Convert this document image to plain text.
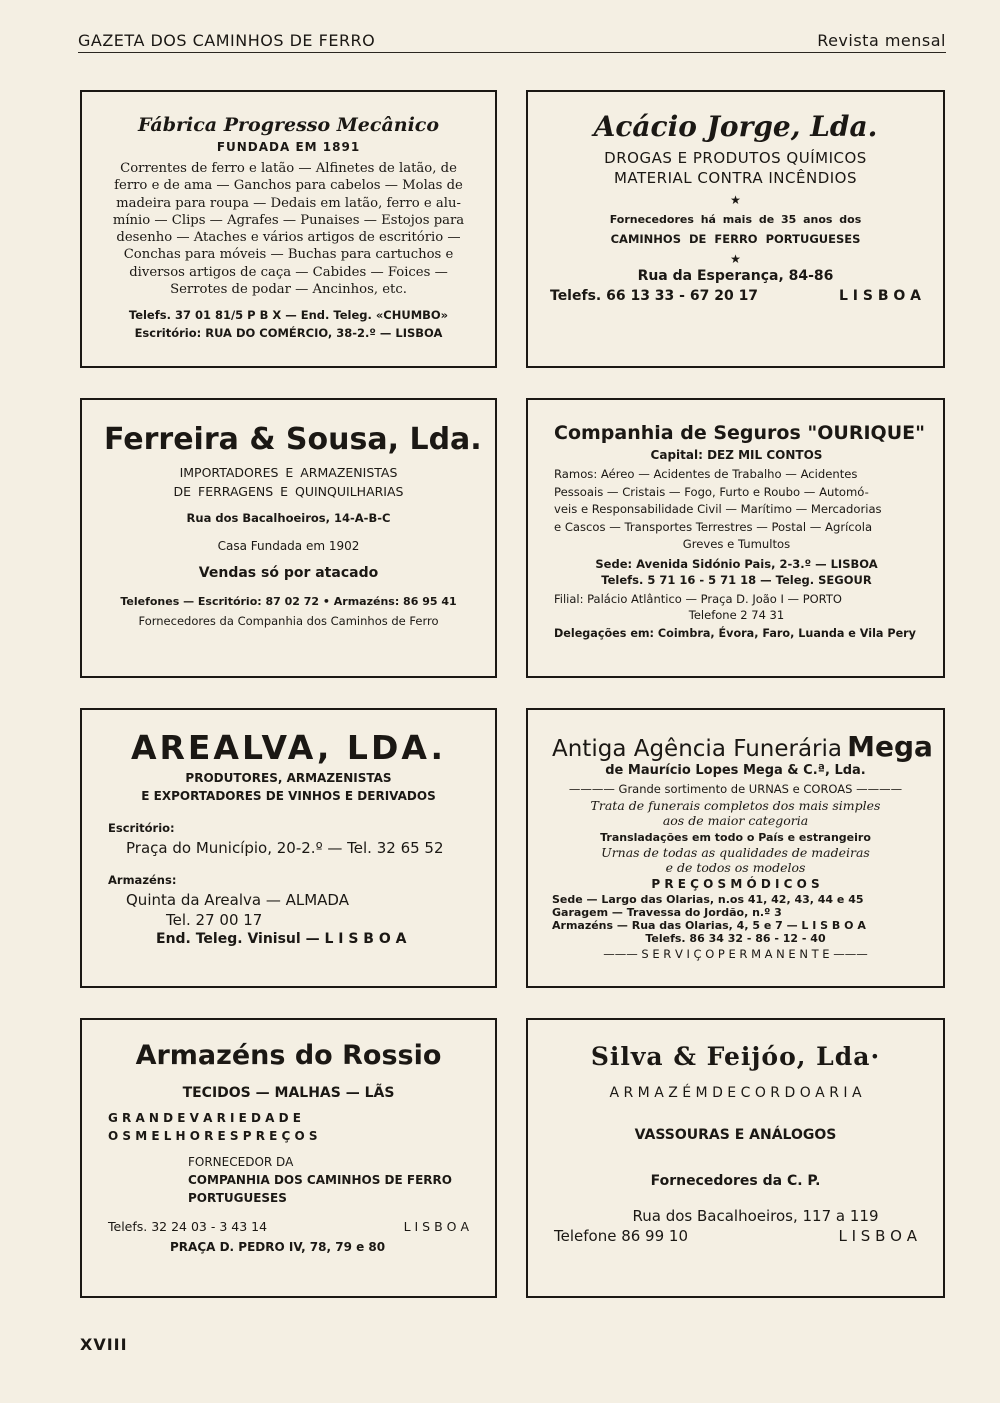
GAZETA DOS CAMINHOS DE FERRO	Revista mensal
Fábrica Progresso Mecânico
FUNDADA EM 1891
Correntes de ferro e latão — Alfinetes de latão, de
ferro e de ama — Ganchos para cabelos — Molas de
madeira para roupa — Dedais em latão, ferro e alu-
mínio — Clips — Agrafes — Punaises — Estojos para
desenho — Ataches e vários artigos de escritório —
Conchas para móveis — Buchas para cartuchos e
diversos artigos de caça — Cabides — Foices —
Serrotes de podar — Ancinhos, etc.
Telefs. 37 01 81/5 P B X — End. Teleg. «CHUMBO»
Escritório: RUA DO COMÉRCIO, 38-2.º — LISBOA
Acácio Jorge, Lda.
DROGAS E PRODUTOS QUÍMICOS
MATERIAL CONTRA INCÊNDIOS
★
Fornecedores há mais de 35 anos dos
CAMINHOS DE FERRO PORTUGUESES
★
Rua da Esperança, 84-86
Telefs. 66 13 33 - 67 20 17	L I S B O A
Ferreira & Sousa, Lda.
IMPORTADORES E ARMAZENISTAS
DE FERRAGENS E QUINQUILHARIAS
Rua dos Bacalhoeiros, 14-A-B-C
Casa Fundada em 1902
Vendas só por atacado
Telefones — Escritório: 87 02 72 • Armazéns: 86 95 41
Fornecedores da Companhia dos Caminhos de Ferro
Companhia de Seguros "OURIQUE"
Capital: DEZ MIL CONTOS
Ramos: Aéreo — Acidentes de Trabalho — Acidentes
Pessoais — Cristais — Fogo, Furto e Roubo — Automó-
veis e Responsabilidade Civil — Marítimo — Mercadorias
e Cascos — Transportes Terrestres — Postal — Agrícola
Greves e Tumultos
Sede: Avenida Sidónio Pais, 2-3.º — LISBOA
Telefs. 5 71 16 - 5 71 18 — Teleg. SEGOUR
Filial: Palácio Atlântico — Praça D. João I — PORTO
Telefone 2 74 31
Delegações em: Coimbra, Évora, Faro, Luanda e Vila Pery
AREALVA, LDA.
PRODUTORES, ARMAZENISTAS
E EXPORTADORES DE VINHOS E DERIVADOS
Escritório:
Praça do Município, 20-2.º — Tel. 32 65 52
Armazéns:
Quinta da Arealva — ALMADA
Tel. 27 00 17
End. Teleg. Vinisul — L I S B O A
Antiga Agência Funerária Mega
de Maurício Lopes Mega & C.ª, Lda.
———— Grande sortimento de URNAS e COROAS ————
Trata de funerais completos dos mais simples
aos de maior categoria
Transladações em todo o País e estrangeiro
Urnas de todas as qualidades de madeiras
e de todos os modelos
P R E Ç O S M Ó D I C O S
Sede — Largo das Olarias, n.os 41, 42, 43, 44 e 45
Garagem — Travessa do Jordão, n.º 3
Armazéns — Rua das Olarias, 4, 5 e 7 — L I S B O A
Telefs. 86 34 32 - 86 - 12 - 40
——— S E R V I Ç O P E R M A N E N T E ———
Armazéns do Rossio
TECIDOS — MALHAS — LÃS
G R A N D E V A R I E D A D E
O S M E L H O R E S P R E Ç O S
FORNECEDOR DA
COMPANHIA DOS CAMINHOS DE FERRO
PORTUGUESES
Telefs. 32 24 03 - 3 43 14	L I S B O A
PRAÇA D. PEDRO IV, 78, 79 e 80
Silva & Feijóo, Lda·
A R M A Z É M D E C O R D O A R I A
VASSOURAS E ANÁLOGOS
Fornecedores da C. P.
Rua dos Bacalhoeiros, 117 a 119
Telefone 86 99 10	L I S B O A
XVIII
